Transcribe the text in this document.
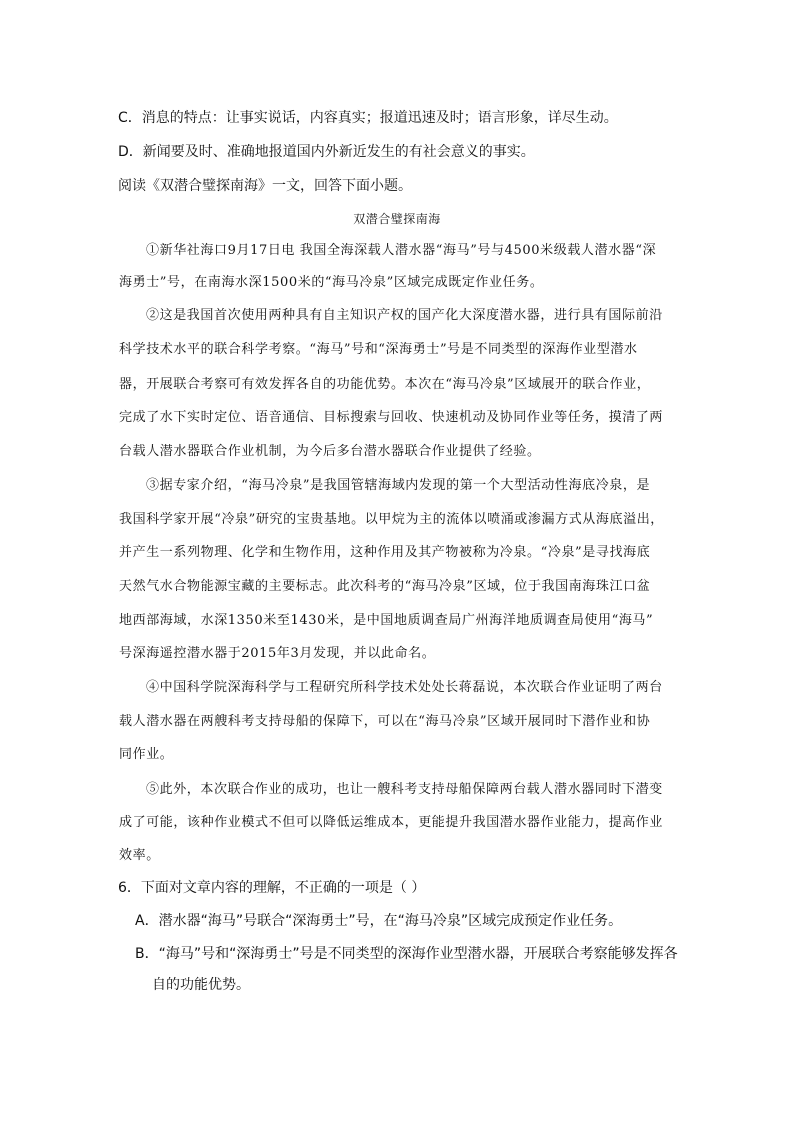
C．消息的特点：让事实说话，内容真实；报道迅速及时；语言形象，详尽生动。
D．新闻要及时、准确地报道国内外新近发生的有社会意义的事实。
阅读《双潜合璧探南海》一文，回答下面小题。
双潜合璧探南海
①新华社海口9月17日电 我国全海深载人潜水器“海马”号与4500米级载人潜水器“深
海勇士”号，在南海水深1500米的“海马冷泉”区域完成既定作业任务。
②这是我国首次使用两种具有自主知识产权的国产化大深度潜水器，进行具有国际前沿
科学技术水平的联合科学考察。“海马”号和“深海勇士”号是不同类型的深海作业型潜水
器，开展联合考察可有效发挥各自的功能优势。本次在“海马冷泉”区域展开的联合作业，
完成了水下实时定位、语音通信、目标搜索与回收、快速机动及协同作业等任务，摸清了两
台载人潜水器联合作业机制，为今后多台潜水器联合作业提供了经验。
③据专家介绍，“海马冷泉”是我国管辖海域内发现的第一个大型活动性海底冷泉，是
我国科学家开展“冷泉”研究的宝贵基地。以甲烷为主的流体以喷涌或渗漏方式从海底溢出，
并产生一系列物理、化学和生物作用，这种作用及其产物被称为冷泉。“冷泉”是寻找海底
天然气水合物能源宝藏的主要标志。此次科考的“海马冷泉”区域，位于我国南海珠江口盆
地西部海域，水深1350米至1430米，是中国地质调查局广州海洋地质调查局使用“海马”
号深海遥控潜水器于2015年3月发现，并以此命名。
④中国科学院深海科学与工程研究所科学技术处处长蒋磊说，本次联合作业证明了两台
载人潜水器在两艘科考支持母船的保障下，可以在“海马冷泉”区域开展同时下潜作业和协
同作业。
⑤此外，本次联合作业的成功，也让一艘科考支持母船保障两台载人潜水器同时下潜变
成了可能，该种作业模式不但可以降低运维成本，更能提升我国潜水器作业能力，提高作业
效率。
6．下面对文章内容的理解，不正确的一项是（ ）
A．潜水器“海马”号联合“深海勇士”号，在“海马冷泉”区域完成预定作业任务。
B．“海马”号和“深海勇士”号是不同类型的深海作业型潜水器，开展联合考察能够发挥各
自的功能优势。
